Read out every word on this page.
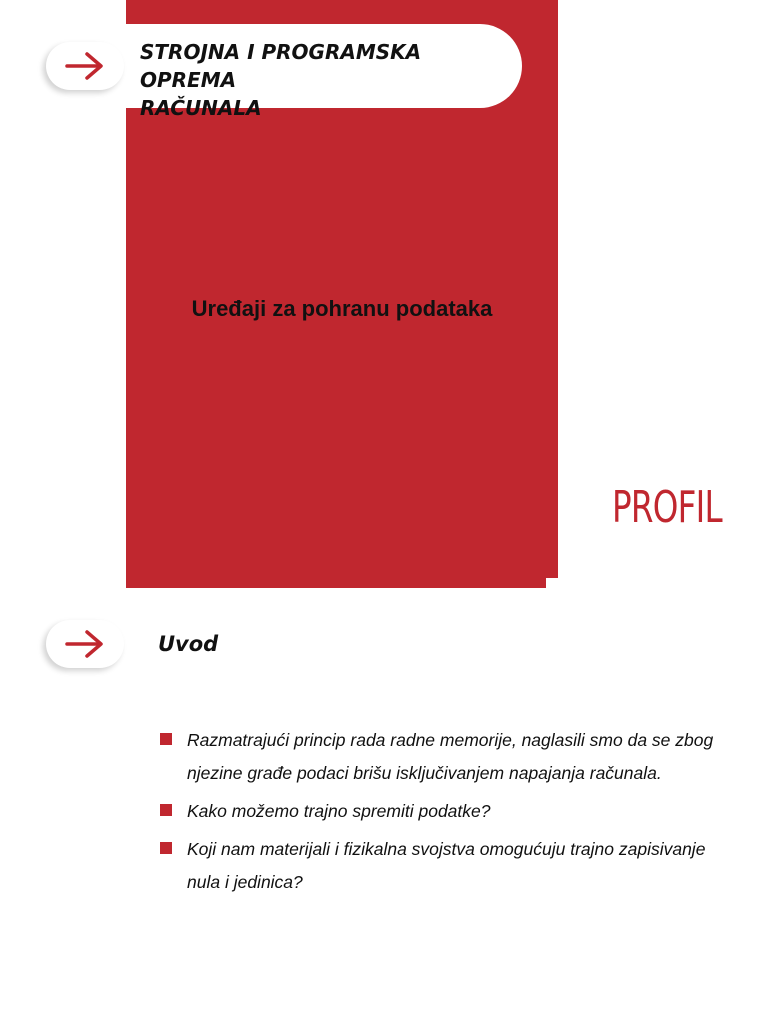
STROJNA I PROGRAMSKA OPREMA
RAČUNALA
Uređaji za pohranu podataka
PROFIL
Uvod
Razmatrajući princip rada radne memorije, naglasili smo da se zbog njezine građe podaci brišu isključivanjem napajanja računala.
Kako možemo trajno spremiti podatke?
Koji nam materijali i fizikalna svojstva omogućuju trajno zapisivanje nula i jedinica?
